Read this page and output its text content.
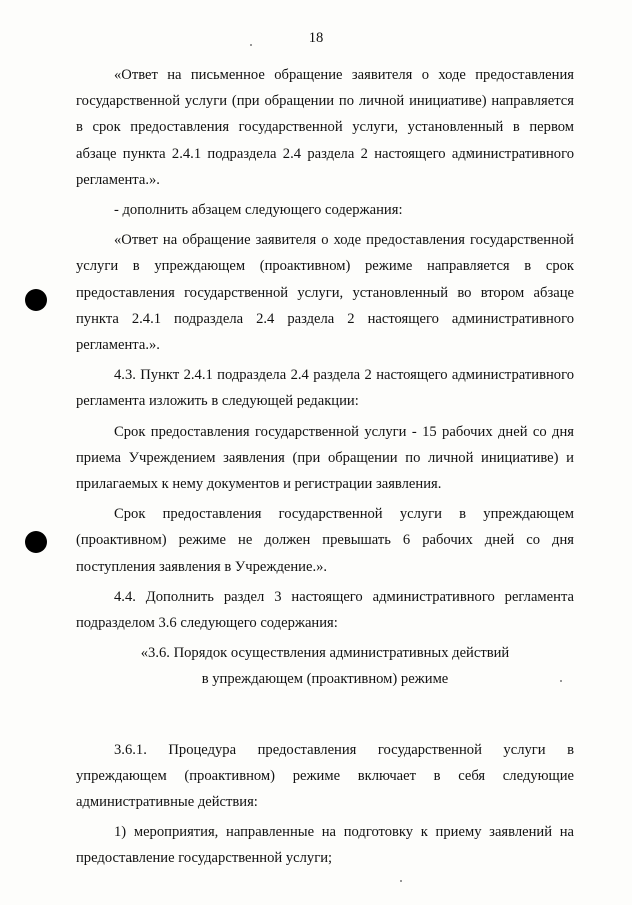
18

«Ответ на письменное обращение заявителя о ходе предоставления государственной услуги (при обращении по личной инициативе) направляется в срок предоставления государственной услуги, установленный в первом абзаце пункта 2.4.1 подраздела 2.4 раздела 2 настоящего административного регламента.».

- дополнить абзацем следующего содержания:

«Ответ на обращение заявителя о ходе предоставления государственной услуги в упреждающем (проактивном) режиме направляется в срок предоставления государственной услуги, установленный во втором абзаце пункта 2.4.1 подраздела 2.4 раздела 2 настоящего административного регламента.».

4.3. Пункт 2.4.1 подраздела 2.4 раздела 2 настоящего административного регламента изложить в следующей редакции:

Срок предоставления государственной услуги - 15 рабочих дней со дня приема Учреждением заявления (при обращении по личной инициативе) и прилагаемых к нему документов и регистрации заявления.

Срок предоставления государственной услуги в упреждающем (проактивном) режиме не должен превышать 6 рабочих дней со дня поступления заявления в Учреждение.».

4.4. Дополнить раздел 3 настоящего административного регламента подразделом 3.6 следующего содержания:

«3.6. Порядок осуществления административных действий

в упреждающем (проактивном) режиме

3.6.1. Процедура предоставления государственной услуги в упреждающем (проактивном) режиме включает в себя следующие административные действия:

1) мероприятия, направленные на подготовку к приему заявлений на предоставление государственной услуги;
